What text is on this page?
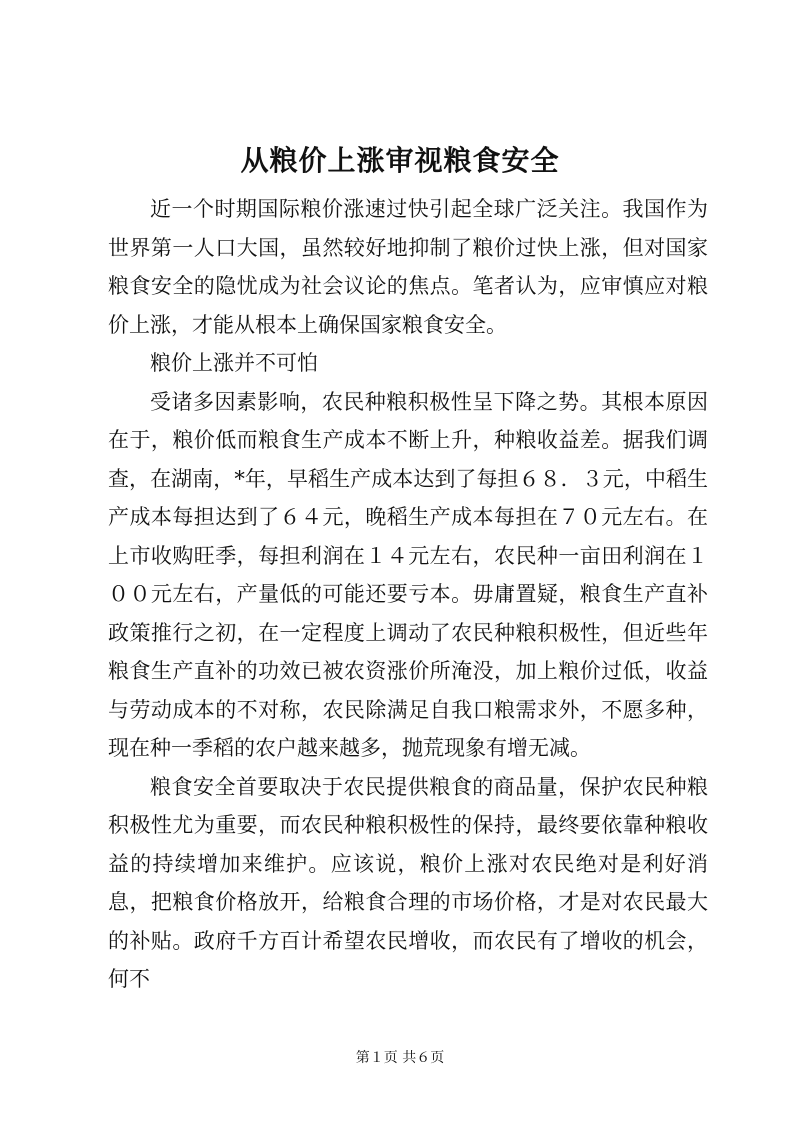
从粮价上涨审视粮食安全

近一个时期国际粮价涨速过快引起全球广泛关注。我国作为世界第一人口大国，虽然较好地抑制了粮价过快上涨，但对国家粮食安全的隐忧成为社会议论的焦点。笔者认为，应审慎应对粮价上涨，才能从根本上确保国家粮食安全。

粮价上涨并不可怕

受诸多因素影响，农民种粮积极性呈下降之势。其根本原因在于，粮价低而粮食生产成本不断上升，种粮收益差。据我们调查，在湖南，*年，早稻生产成本达到了每担６８．３元，中稻生产成本每担达到了６４元，晚稻生产成本每担在７０元左右。在上市收购旺季，每担利润在１４元左右，农民种一亩田利润在１００元左右，产量低的可能还要亏本。毋庸置疑，粮食生产直补政策推行之初，在一定程度上调动了农民种粮积极性，但近些年粮食生产直补的功效已被农资涨价所淹没，加上粮价过低，收益与劳动成本的不对称，农民除满足自我口粮需求外，不愿多种，现在种一季稻的农户越来越多，抛荒现象有增无减。

粮食安全首要取决于农民提供粮食的商品量，保护农民种粮积极性尤为重要，而农民种粮积极性的保持，最终要依靠种粮收益的持续增加来维护。应该说，粮价上涨对农民绝对是利好消息，把粮食价格放开，给粮食合理的市场价格，才是对农民最大的补贴。政府千方百计希望农民增收，而农民有了增收的机会，何不

第１页 共６页
